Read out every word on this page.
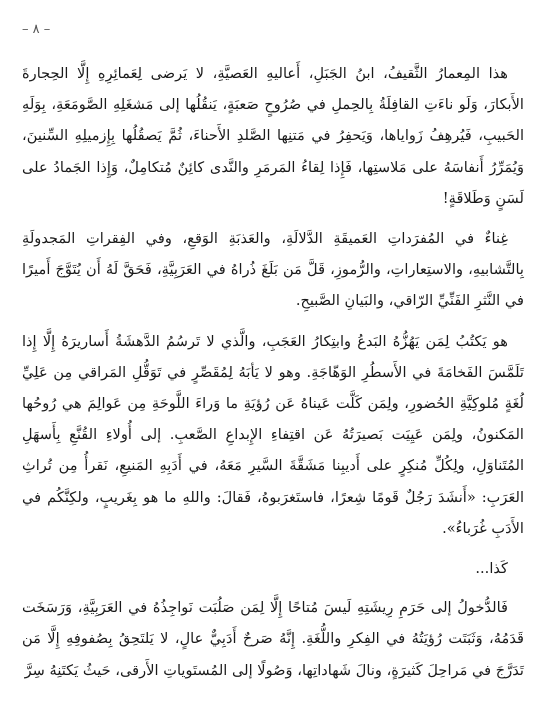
– ٨ –

هذا المِعمارُ الثَّقيفُ، ابنُ الجَبَلِ، أَعاليهِ العَصيَّةِ، لا يَرضى لِعَمائِرِهِ إِلَّا الحِجارةَ الأَبكارَ، وَلَو ناءَتِ القافِلَةُ بِالحِملِ في صُرُوحٍ صَعبَةٍ، يَنقُلُها إلى مَشغَلِهِ الصَّومَعَةِ، بِوَلَهِ الحَبيبِ، فَيُرهِفُ زَواياها، وَيَحفِرُ في مَتنِها الصَّلدِ الأَحناءَ، ثُمَّ يَصقُلُها بِإِزميلِهِ السِّنينَ، وَيُمَرِّرُ أَنفاسَهُ على مَلاستِها، فَإِذا لِقاءُ المَرمَرِ والنَّدى كائِنٌ مُتكامِلٌ، وَإِذا الجَمادُ على لَسَنٍ وَطَلاقَةٍ!

غِناءٌ في المُفرَداتِ العَميقَةِ الدَّلالَةِ، والعَذبَةِ الوَقعِ، وفي الفِقراتِ المَجدولَةِ بِالتَّشابيهِ، والاستِعاراتِ، والرُّموزِ، قَلَّ مَن بَلَغَ ذُراهُ في العَرَبِيَّةِ، فَحَقَّ لَهُ أَن يُتَوَّجَ أَميرًا في النَّثرِ الفَنِّيِّ الرّاقي، والبَيانِ الصَّبيحِ.

هو يَكتُبُ لِمَن يَهُزُّهُ البَدعُ وابتِكارُ العَجَبِ، والَّذي لا تَرسُمُ الدَّهشَةُ أَساريرَهُ إِلَّا إِذا تَلَمَّسَ الفَخامَةَ في الأَسطُرِ الوَهّاجَةِ. وهو لا يَأبَهُ لِمُقَصِّرٍ في تَوَقُّلِ المَراقي مِن عَلِيِّ لُغَةٍ مُلوكِيَّةِ الحُضورِ، ولِمَن كَلَّت عَيناهُ عَن رُؤيَةِ ما وَراءَ اللَّوحَةِ مِن عَوالِمَ هي رُوحُها المَكنونُ، ولِمَن عَيِيَت بَصيرَتُهُ عَن اقتِفاءِ الإِبداعِ الصَّعبِ. إلى أُولاءِ القُنَّعِ بِأَسهَلِ المُتَناوَلِ، ولِكُلِّ مُنكِرٍ على أَديبِنا مَشَقَّةَ السَّيرِ مَعَهُ، في أَدَبِهِ المَنيعِ، نَقرأُ مِن تُراثِ العَرَبِ: «أَنشَدَ رَجُلٌ قَومًا شِعرًا، فاستَغرَبوهُ، فَقالَ: واللهِ ما هو بِغَريبٍ، ولكِنَّكُم في الأَدَبِ غُرَباءُ».

كَذا...

فَالدُّخولُ إلى حَرَمِ رِيشَتِهِ لَيسَ مُتاحًا إِلَّا لِمَن صَلُبَت نَواجِذُهُ في العَرَبِيَّةِ، وَرَسَخَت قَدَمُهُ، وَثَبَتَت رُؤيَتُهُ في الفِكرِ واللُّغَةِ. إِنَّهُ صَرحٌ أَدَبِيٌّ عالٍ، لا يَلتَحِقُ بِصُفوفِهِ إِلَّا مَن تَدَرَّجَ في مَراحِلَ كَثيرَةٍ، ونالَ شَهاداتِها، وَصُولًا إلى المُستَوياتِ الأَرقى، حَيثُ يَكتَنِهُ سِرَّ
